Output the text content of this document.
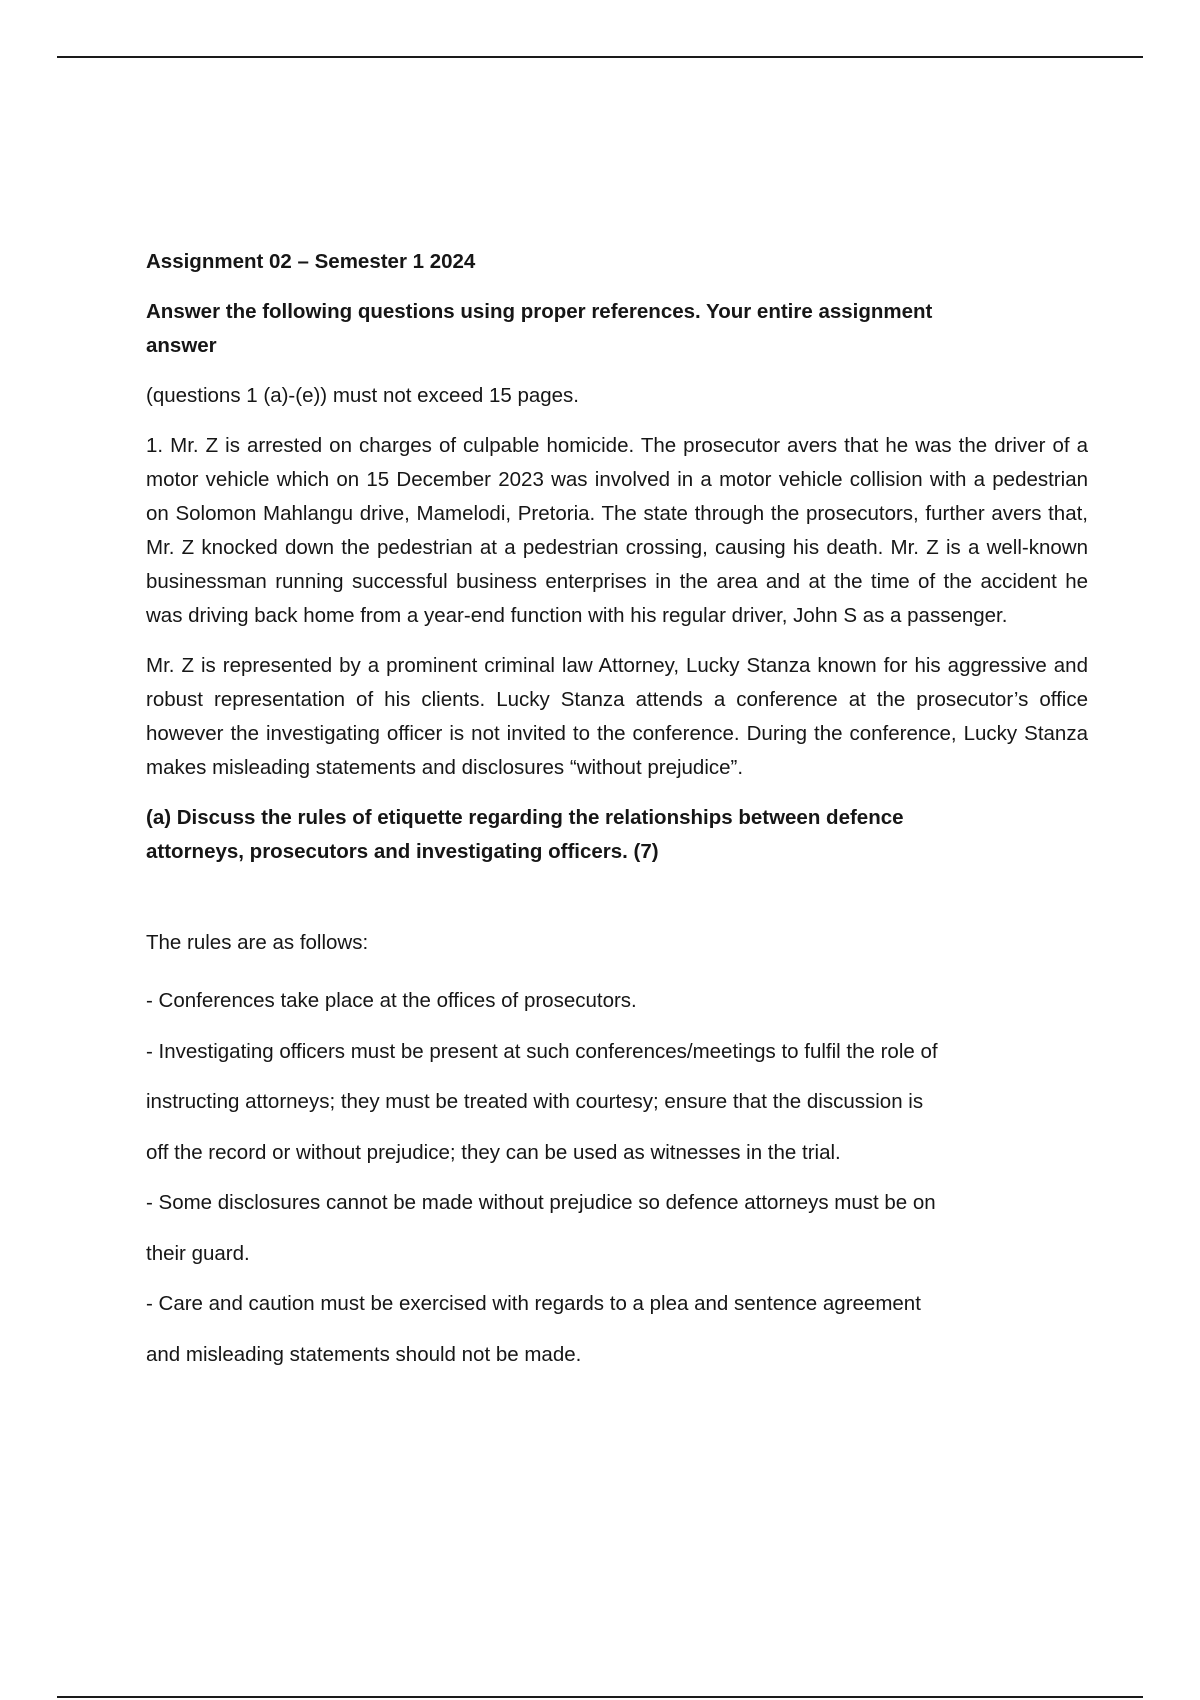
Assignment 02 – Semester 1 2024

Answer the following questions using proper references. Your entire assignment
answer

(questions 1 (a)-(e)) must not exceed 15 pages.

1. Mr. Z is arrested on charges of culpable homicide. The prosecutor avers that he was the driver of a motor vehicle which on 15 December 2023 was involved in a motor vehicle collision with a pedestrian on Solomon Mahlangu drive, Mamelodi, Pretoria. The state through the prosecutors, further avers that, Mr. Z knocked down the pedestrian at a pedestrian crossing, causing his death. Mr. Z is a well-known businessman running successful business enterprises in the area and at the time of the accident he was driving back home from a year-end function with his regular driver, John S as a passenger.

Mr. Z is represented by a prominent criminal law Attorney, Lucky Stanza known for his aggressive and robust representation of his clients. Lucky Stanza attends a conference at the prosecutor’s office however the investigating officer is not invited to the conference. During the conference, Lucky Stanza makes misleading statements and disclosures “without prejudice”.

(a) Discuss the rules of etiquette regarding the relationships between defence
attorneys, prosecutors and investigating officers. (7)

The rules are as follows:

- Conferences take place at the offices of prosecutors.

- Investigating officers must be present at such conferences/meetings to fulfil the role of
instructing attorneys; they must be treated with courtesy; ensure that the discussion is
off the record or without prejudice; they can be used as witnesses in the trial.

- Some disclosures cannot be made without prejudice so defence attorneys must be on
their guard.

- Care and caution must be exercised with regards to a plea and sentence agreement
and misleading statements should not be made.
